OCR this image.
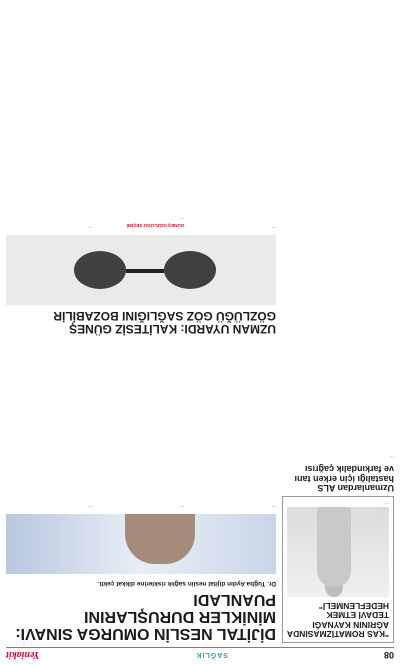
08
SAĞLIK
Yeniakit
"KAS ROMATİZMASINDA AĞRININ KAYNAĞI TEDAVİ ETMEK HEDEFLENMELİ"
…
Uzmanlardan ALS hastalığı için erken tanı ve farkındalık çağrısı
…
DİJİTAL NESLİN OMURGA SINAVI: MİNİKLER DURUŞLARINI PUANLADI
Dr. Tuğba Aydın dijital neslin sağlık risklerine dikkat çekti.
…
…
…
UZMAN UYARDI: KALİTESİZ GÜNEŞ GÖZLÜĞÜ GÖZ SAĞLIĞINI BOZABİLİR
…
GÜNEŞ GÖZLÜĞÜ SEÇİMİ
…
…
